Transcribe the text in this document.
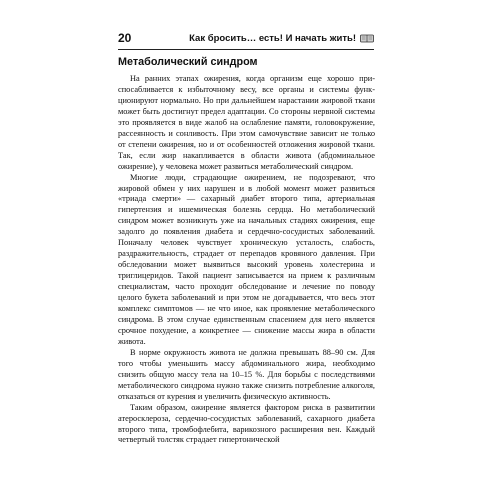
20	Как бросить… есть! И начать жить!
Метаболический синдром

На ранних этапах ожирения, когда организм еще хорошо приспосабливается к избыточному весу, все органы и системы функционируют нормально. Но при дальнейшем нарастании жировой ткани может быть достигнут предел адаптации. Со стороны нервной системы это проявляется в виде жалоб на ослабление памяти, головокружение, рассеянность и сонливость. При этом самочувствие зависит не только от степени ожирения, но и от особенностей отложения жировой ткани. Так, если жир накапливается в области живота (абдоминальное ожирение), у человека может развиться метаболический синдром.

Многие люди, страдающие ожирением, не подозревают, что жировой обмен у них нарушен и в любой момент может развиться «триада смерти» — сахарный диабет второго типа, артериальная гипертензия и ишемическая болезнь сердца. Но метаболический синдром может возникнуть уже на начальных стадиях ожирения, еще задолго до появления диабета и сердечно-сосудистых заболеваний. Поначалу человек чувствует хроническую усталость, слабость, раздражительность, страдает от перепадов кровяного давления. При обследовании может выявиться высокий уровень холестерина и триглицеридов. Такой пациент записывается на прием к различным специалистам, часто проходит обследование и лечение по поводу целого букета заболеваний и при этом не догадывается, что весь этот комплекс симптомов — не что иное, как проявление метаболического синдрома. В этом случае единственным спасением для него является срочное похудение, а конкретнее — снижение массы жира в области живота.

В норме окружность живота не должна превышать 88–90 см. Для того чтобы уменьшить массу абдоминального жира, необходимо снизить общую массу тела на 10–15 %. Для борьбы с последствиями метаболического синдрома нужно также снизить потребление алкоголя, отказаться от курения и увеличить физическую активность.

Таким образом, ожирение является фактором риска в развититии атеросклероза, сердечно-сосудистых заболеваний, сахарного диабета второго типа, тромбофлебита, варикозного расширения вен. Каждый четвертый толстяк страдает гипертонической
